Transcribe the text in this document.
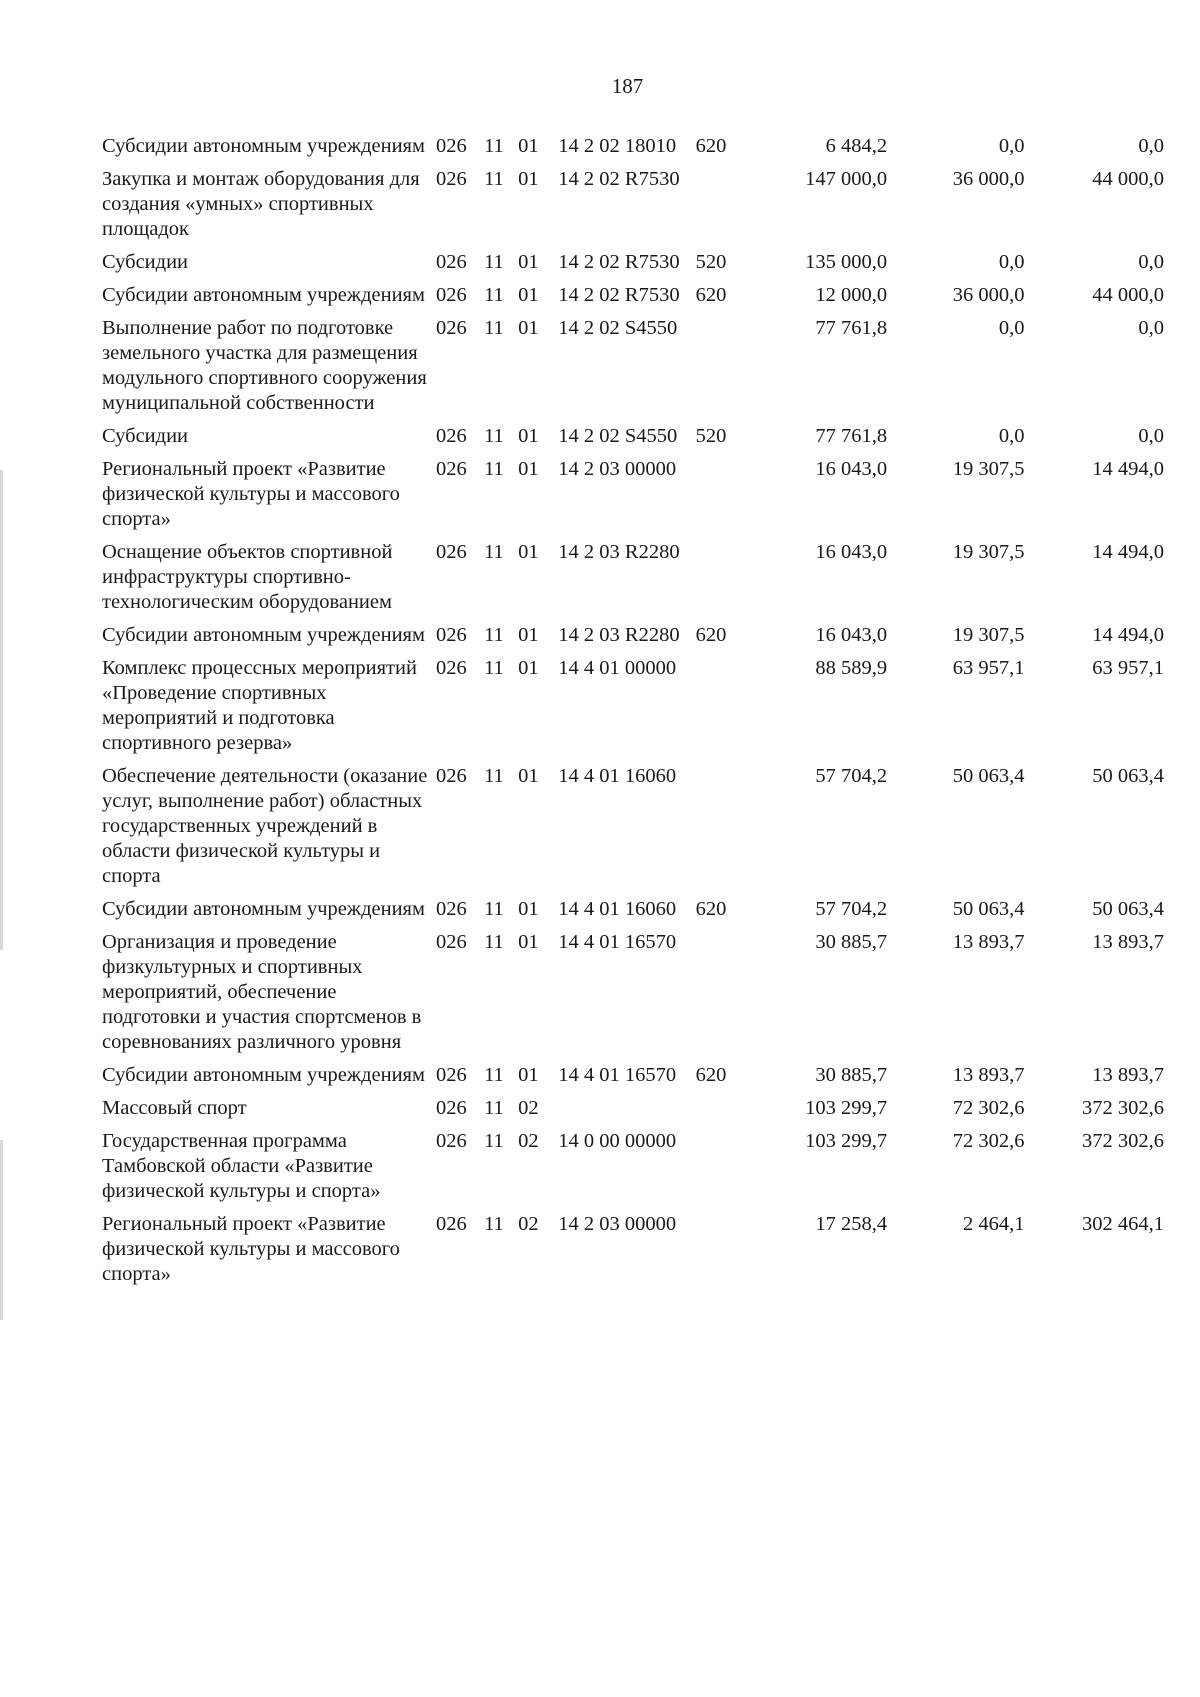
187
Субсидии автономным учреждениям	026	11	01	14 2 02 18010	620	6 484,2	0,0	0,0
Закупка и монтаж оборудования для создания «умных» спортивных площадок	026	11	01	14 2 02 R7530		147 000,0	36 000,0	44 000,0
Субсидии	026	11	01	14 2 02 R7530	520	135 000,0	0,0	0,0
Субсидии автономным учреждениям	026	11	01	14 2 02 R7530	620	12 000,0	36 000,0	44 000,0
Выполнение работ по подготовке земельного участка для размещения модульного спортивного сооружения муниципальной собственности	026	11	01	14 2 02 S4550		77 761,8	0,0	0,0
Субсидии	026	11	01	14 2 02 S4550	520	77 761,8	0,0	0,0
Региональный проект «Развитие физической культуры и массового спорта»	026	11	01	14 2 03 00000		16 043,0	19 307,5	14 494,0
Оснащение объектов спортивной инфраструктуры спортивно-технологическим оборудованием	026	11	01	14 2 03 R2280		16 043,0	19 307,5	14 494,0
Субсидии автономным учреждениям	026	11	01	14 2 03 R2280	620	16 043,0	19 307,5	14 494,0
Комплекс процессных мероприятий «Проведение спортивных мероприятий и подготовка спортивного резерва»	026	11	01	14 4 01 00000		88 589,9	63 957,1	63 957,1
Обеспечение деятельности (оказание услуг, выполнение работ) областных государственных учреждений в области физической культуры и спорта	026	11	01	14 4 01 16060		57 704,2	50 063,4	50 063,4
Субсидии автономным учреждениям	026	11	01	14 4 01 16060	620	57 704,2	50 063,4	50 063,4
Организация и проведение физкультурных и спортивных мероприятий, обеспечение подготовки и участия спортсменов в соревнованиях различного уровня	026	11	01	14 4 01 16570		30 885,7	13 893,7	13 893,7
Субсидии автономным учреждениям	026	11	01	14 4 01 16570	620	30 885,7	13 893,7	13 893,7
Массовый спорт	026	11	02			103 299,7	72 302,6	372 302,6
Государственная программа Тамбовской области «Развитие физической культуры и спорта»	026	11	02	14 0 00 00000		103 299,7	72 302,6	372 302,6
Региональный проект «Развитие физической культуры и массового спорта»	026	11	02	14 2 03 00000		17 258,4	2 464,1	302 464,1
